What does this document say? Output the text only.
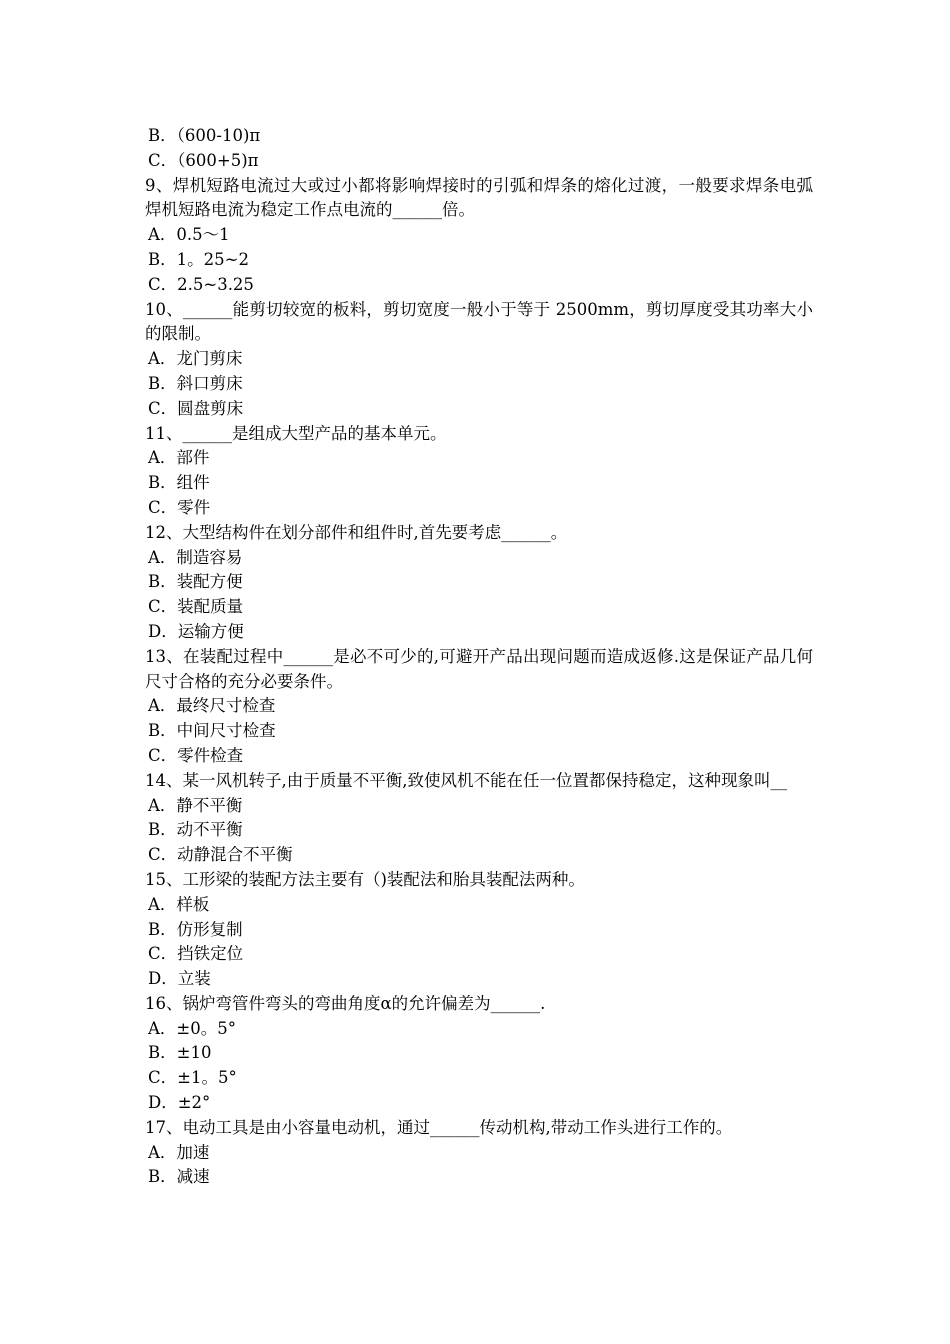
B．（600-10)π
C．（600+5)π
9、焊机短路电流过大或过小都将影响焊接时的引弧和焊条的熔化过渡，一般要求焊条电弧焊机短路电流为稳定工作点电流的______倍。
A．0.5～1
B．1。25~2
C．2.5~3.25
10、______能剪切较宽的板料，剪切宽度一般小于等于 2500mm，剪切厚度受其功率大小的限制。
A．龙门剪床
B．斜口剪床
C．圆盘剪床
11、______是组成大型产品的基本单元。
A．部件
B．组件
C．零件
12、大型结构件在划分部件和组件时,首先要考虑______。
A．制造容易
B．装配方便
C．装配质量
D．运输方便
13、在装配过程中______是必不可少的,可避开产品出现问题而造成返修.这是保证产品几何尺寸合格的充分必要条件。
A．最终尺寸检查
B．中间尺寸检查
C．零件检查
14、某一风机转子,由于质量不平衡,致使风机不能在任一位置都保持稳定，这种现象叫__
A．静不平衡
B．动不平衡
C．动静混合不平衡
15、工形梁的装配方法主要有（)装配法和胎具装配法两种。
A．样板
B．仿形复制
C．挡铁定位
D．立装
16、锅炉弯管件弯头的弯曲角度α的允许偏差为______.
A．±0。5°
B．±10
C．±1。5°
D．±2°
17、电动工具是由小容量电动机，通过______传动机构,带动工作头进行工作的。
A．加速
B．减速
